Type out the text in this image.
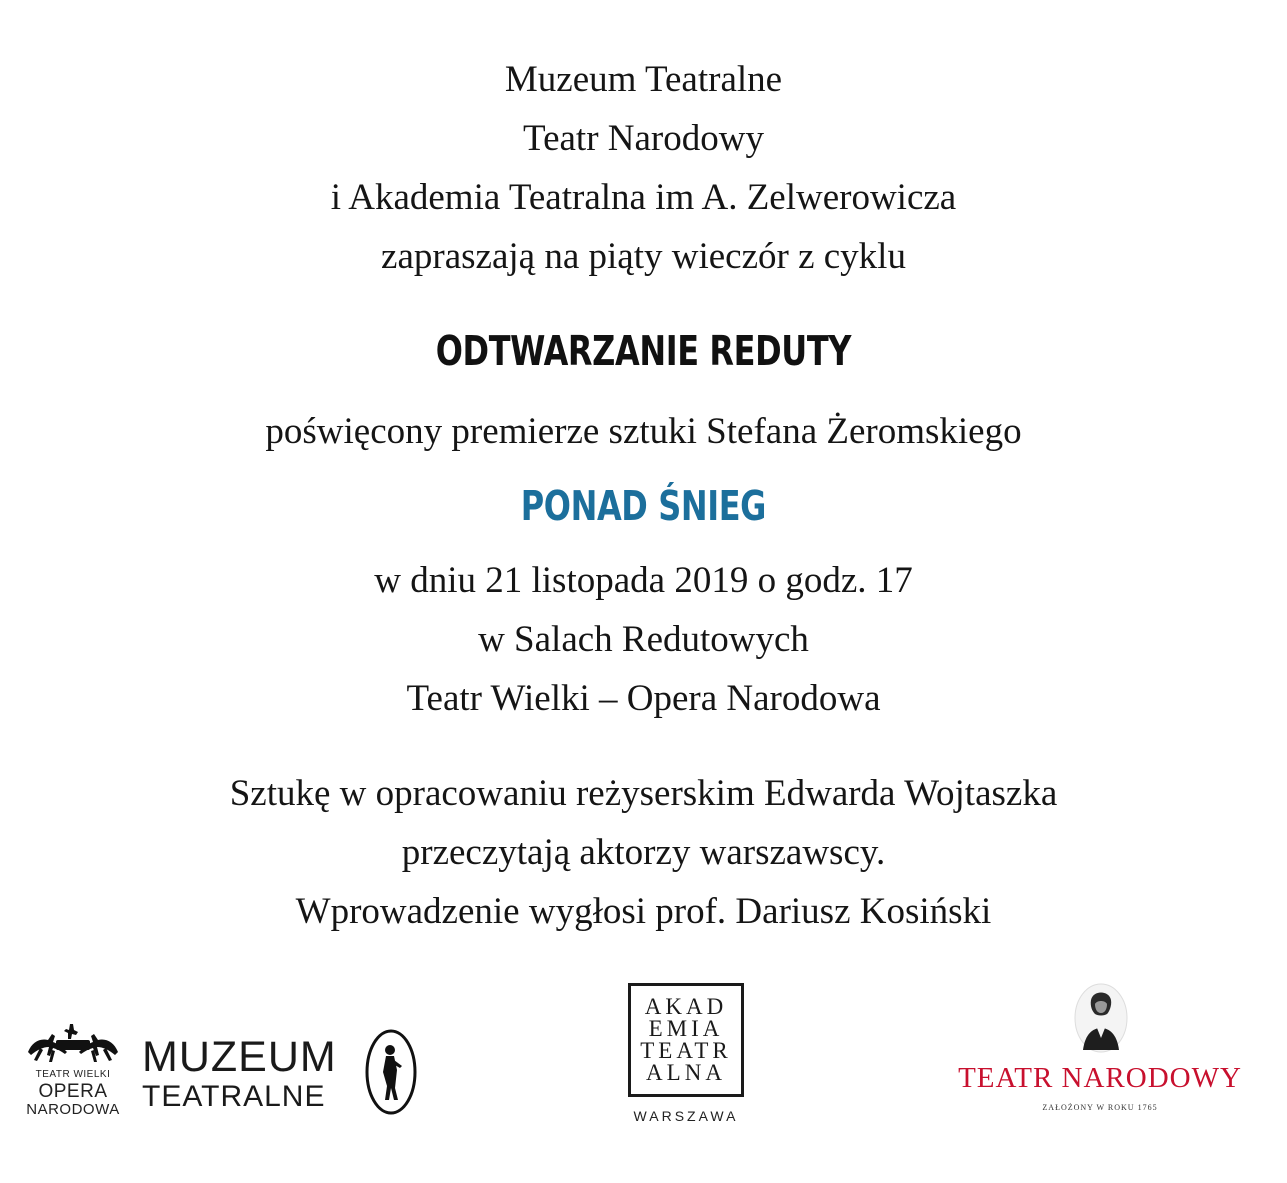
Muzeum Teatralne
Teatr Narodowy
i Akademia Teatralna im A. Zelwerowicza
zapraszają na piąty wieczór z cyklu
ODTWARZANIE REDUTY
poświęcony premierze sztuki Stefana Żeromskiego
PONAD ŚNIEG
w dniu 21 listopada 2019 o godz. 17
w Salach Redutowych
Teatr Wielki – Opera Narodowa
Sztukę w opracowaniu reżyserskim Edwarda Wojtaszka
przeczytają aktorzy warszawscy.
Wprowadzenie wygłosi prof. Dariusz Kosiński
TEATR WIELKI
OPERA
NARODOWA
MUZEUM
TEATRALNE
AKAD
EMIA
TEATR
ALNA
WARSZAWA
TEATR NARODOWY
ZAŁOŻONY W ROKU 1765
